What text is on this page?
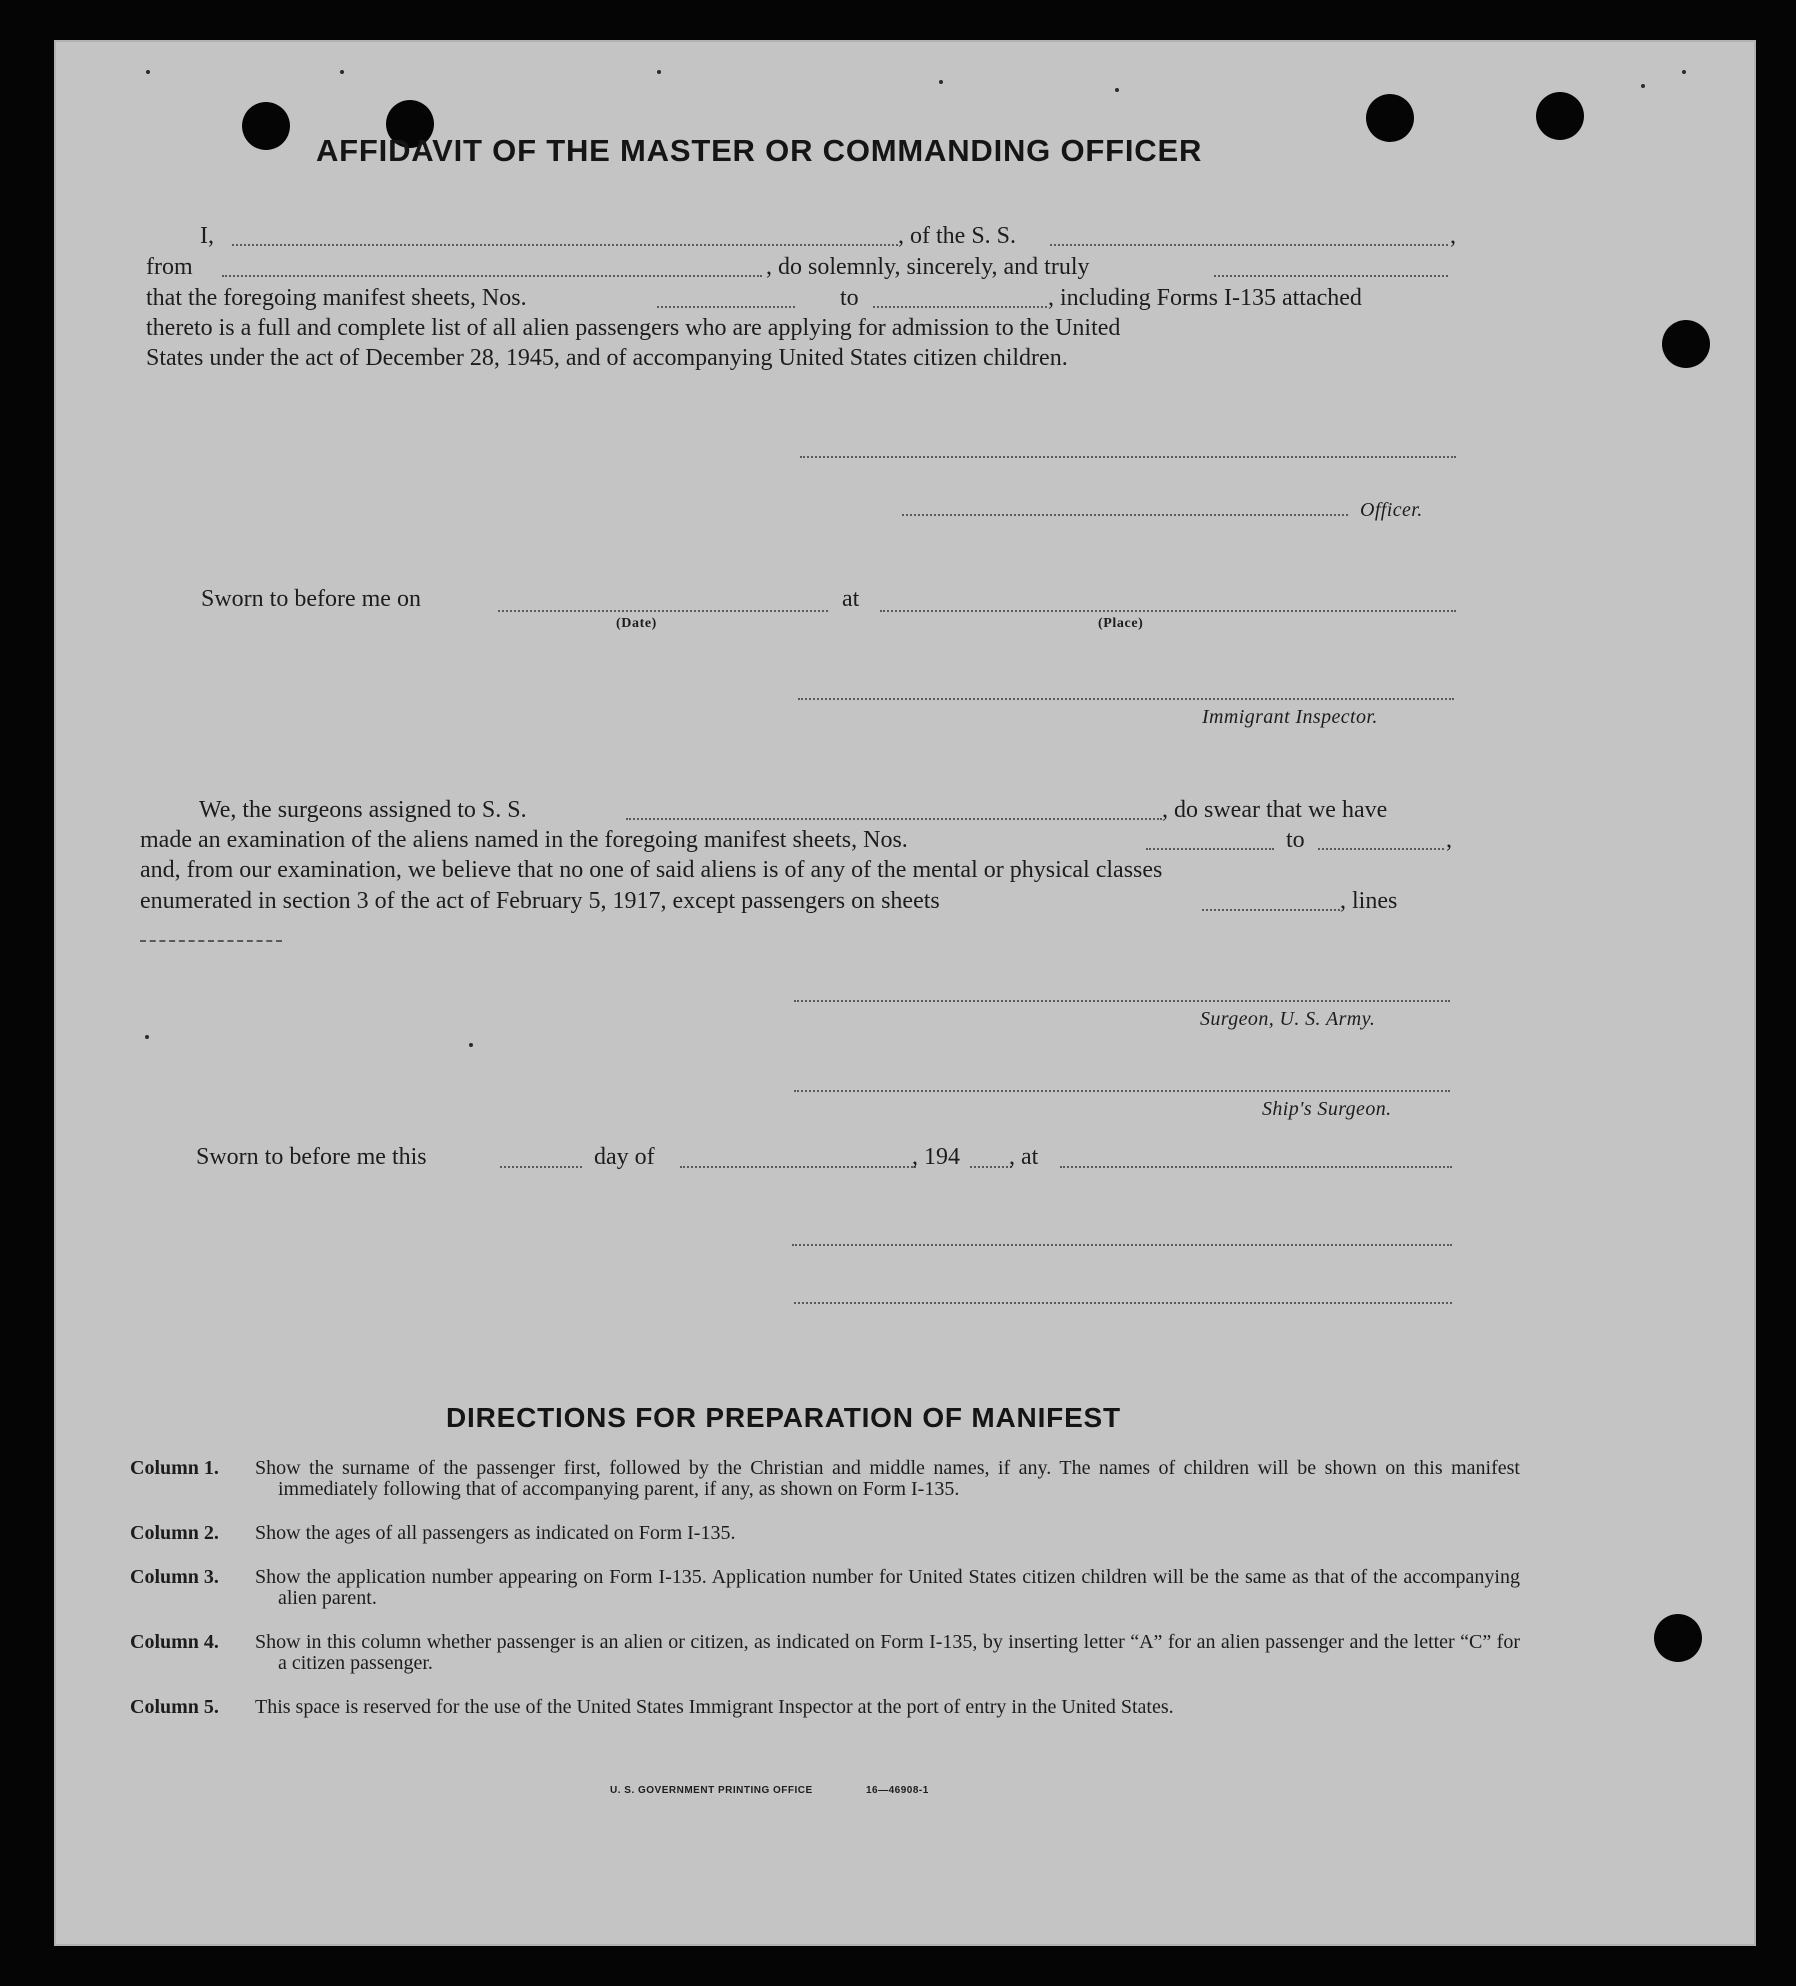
AFFIDAVIT OF THE MASTER OR COMMANDING OFFICER
I,	, of the S. S.	,
from	, do solemnly, sincerely, and truly
that the foregoing manifest sheets, Nos.	to	, including Forms I-135 attached
thereto is a full and complete list of all alien passengers who are applying for admission to the United
States under the act of December 28, 1945, and of accompanying United States citizen children.
Officer.
Sworn to before me on
(Date)
at
(Place)
Immigrant Inspector.
We, the surgeons assigned to S. S.	, do swear that we have
made an examination of the aliens named in the foregoing manifest sheets, Nos.	to	,
and, from our examination, we believe that no one of said aliens is of any of the mental or physical classes
enumerated in section 3 of the act of February 5, 1917, except passengers on sheets	, lines
Surgeon, U. S. Army.
Ship's Surgeon.
Sworn to before me this	day of	, 194 , at
DIRECTIONS FOR PREPARATION OF MANIFEST
Column 1.	Show the surname of the passenger first, followed by the Christian and middle names, if any. The names of children will be shown on this manifest immediately following that of accompanying parent, if any, as shown on Form I-135.
Column 2.	Show the ages of all passengers as indicated on Form I-135.
Column 3.	Show the application number appearing on Form I-135. Application number for United States citizen children will be the same as that of the accompanying alien parent.
Column 4.	Show in this column whether passenger is an alien or citizen, as indicated on Form I-135, by inserting letter “A” for an alien passenger and the letter “C” for a citizen passenger.
Column 5.	This space is reserved for the use of the United States Immigrant Inspector at the port of entry in the United States.
U. S. GOVERNMENT PRINTING OFFICE	16—46908-1
